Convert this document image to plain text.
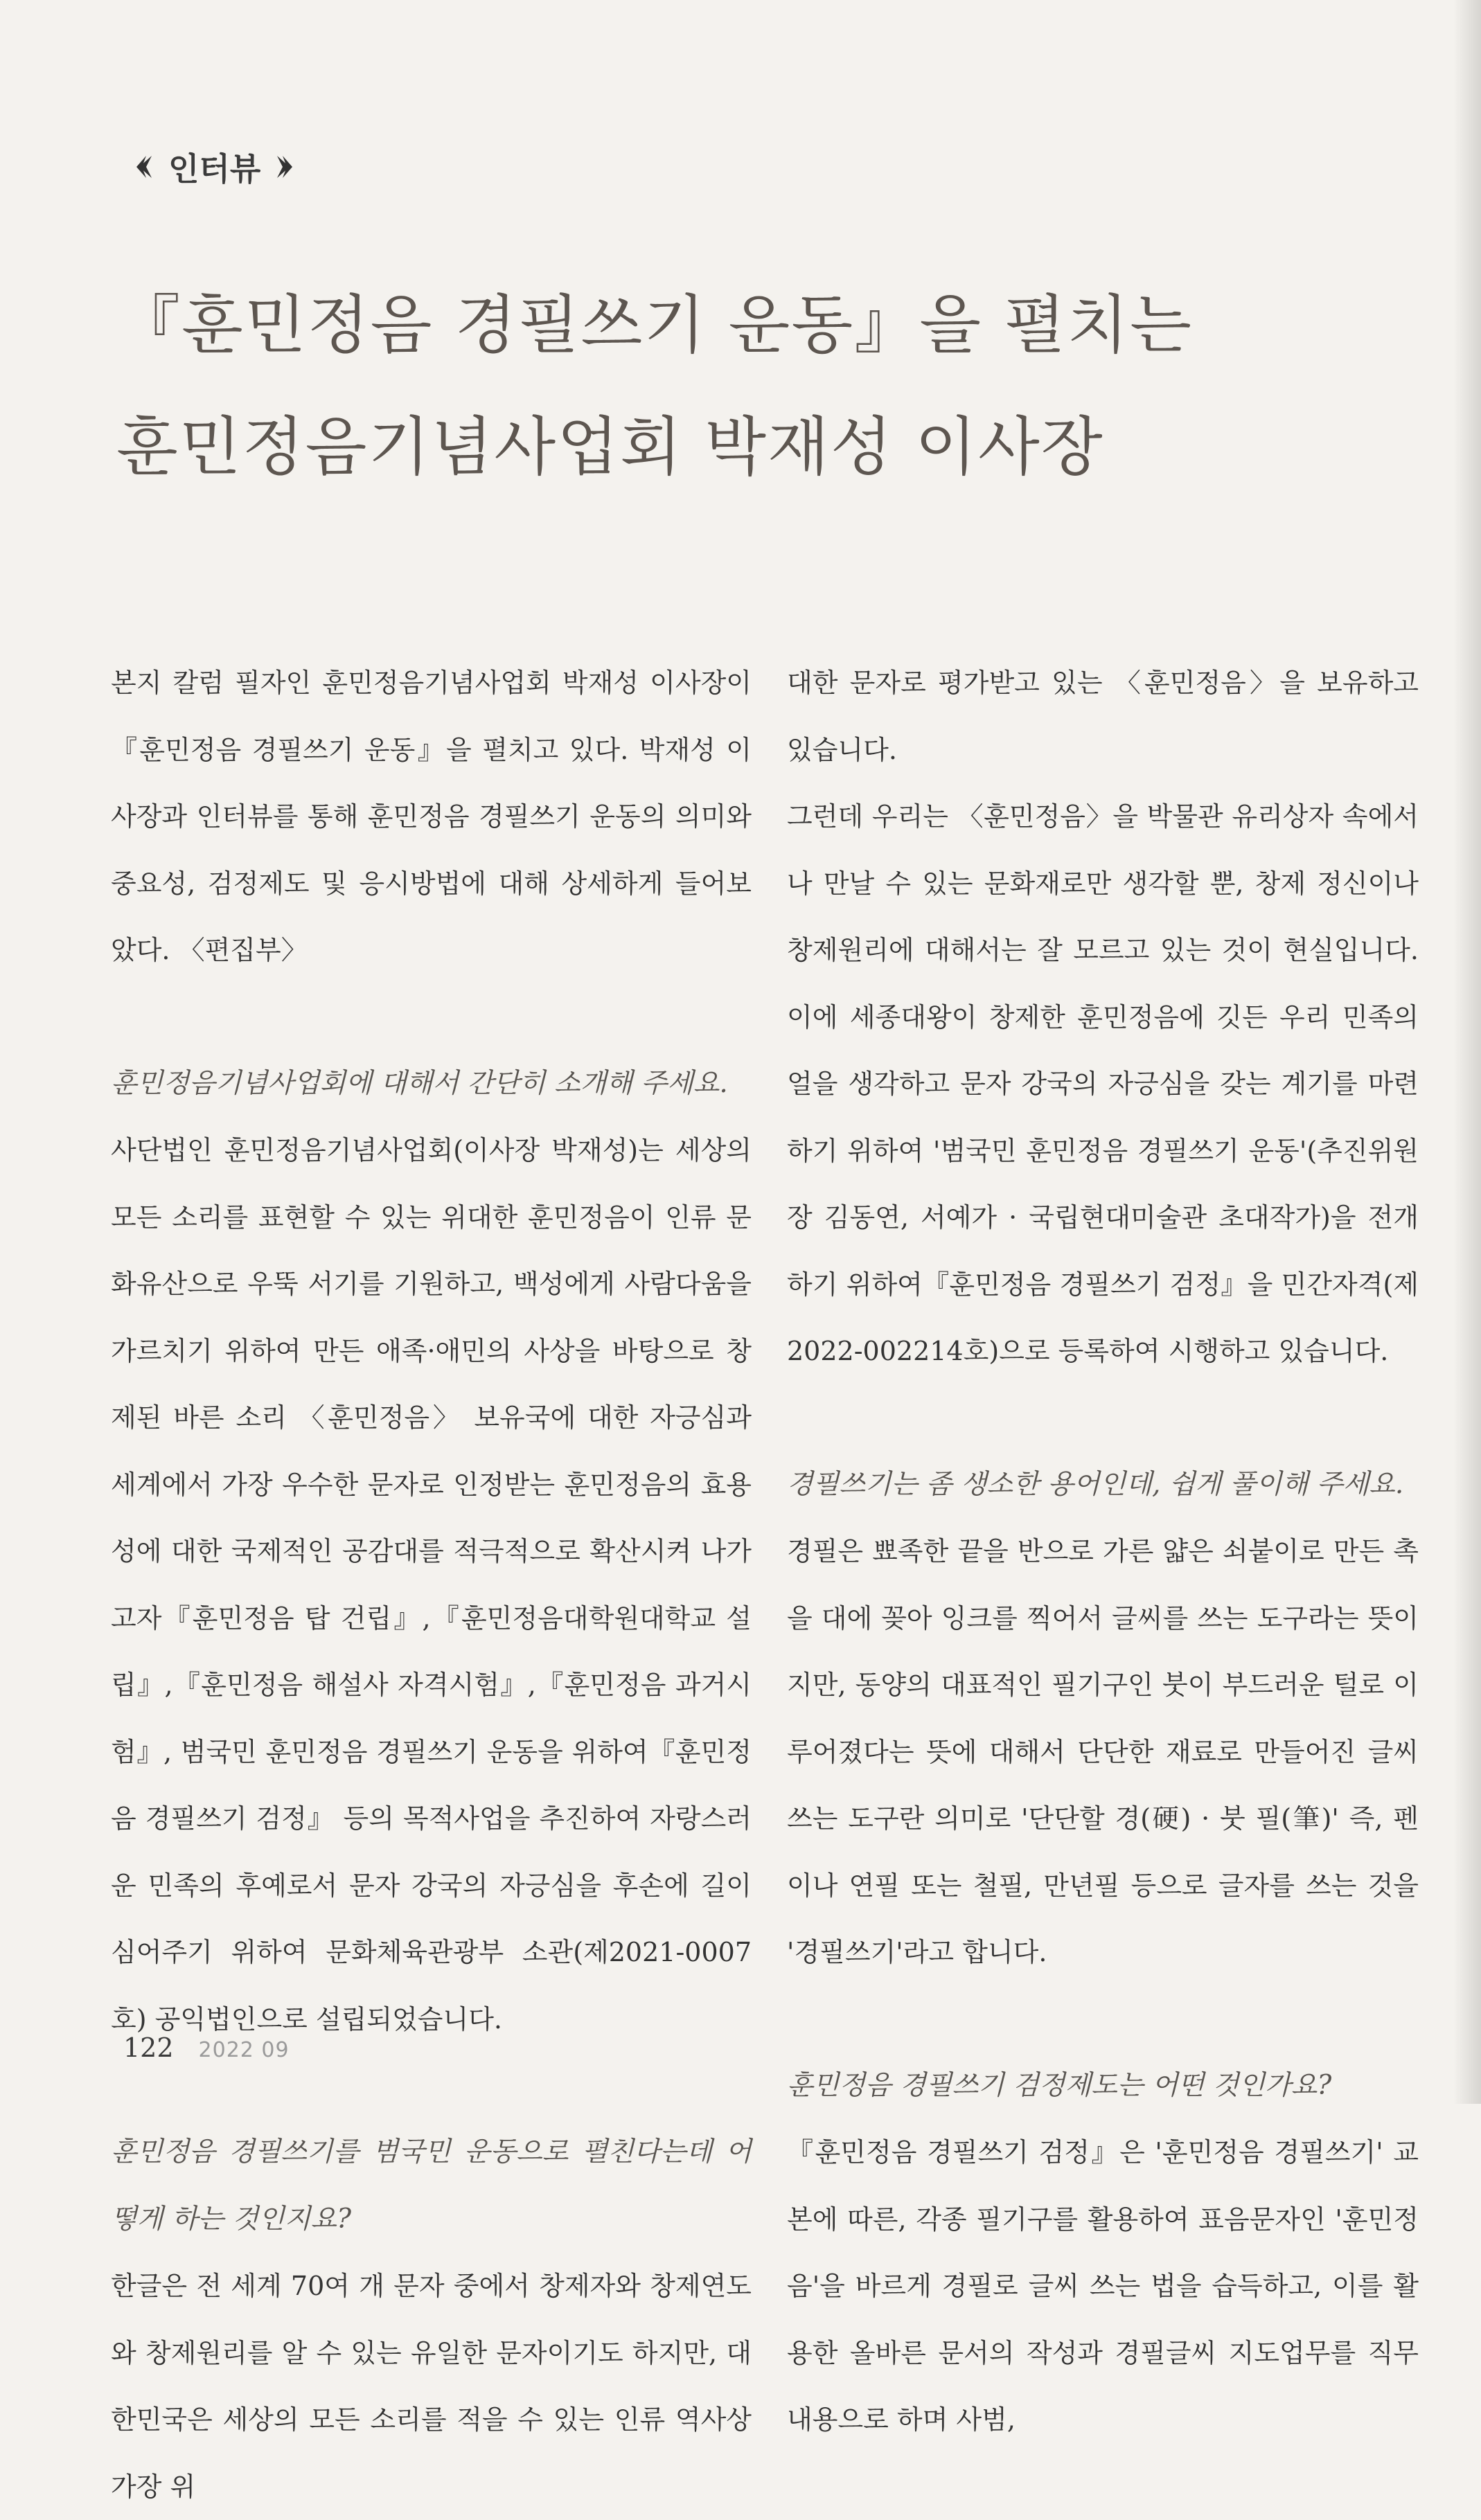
인터뷰
『훈민정음 경필쓰기 운동』을 펼치는
훈민정음기념사업회 박재성 이사장

본지 칼럼 필자인 훈민정음기념사업회 박재성 이사장이『훈민정음 경필쓰기 운동』을 펼치고 있다. 박재성 이사장과 인터뷰를 통해 훈민정음 경필쓰기 운동의 의미와 중요성, 검정제도 및 응시방법에 대해 상세하게 들어보았다. 〈편집부〉

훈민정음기념사업회에 대해서 간단히 소개해 주세요.

사단법인 훈민정음기념사업회(이사장 박재성)는 세상의 모든 소리를 표현할 수 있는 위대한 훈민정음이 인류 문화유산으로 우뚝 서기를 기원하고, 백성에게 사람다움을 가르치기 위하여 만든 애족·애민의 사상을 바탕으로 창제된 바른 소리 〈훈민정음〉 보유국에 대한 자긍심과 세계에서 가장 우수한 문자로 인정받는 훈민정음의 효용성에 대한 국제적인 공감대를 적극적으로 확산시켜 나가고자『훈민정음 탑 건립』,『훈민정음대학원대학교 설립』,『훈민정음 해설사 자격시험』,『훈민정음 과거시험』, 범국민 훈민정음 경필쓰기 운동을 위하여『훈민정음 경필쓰기 검정』 등의 목적사업을 추진하여 자랑스러운 민족의 후예로서 문자 강국의 자긍심을 후손에 길이 심어주기 위하여 문화체육관광부 소관(제2021-0007호) 공익법인으로 설립되었습니다.

훈민정음 경필쓰기를 범국민 운동으로 펼친다는데 어떻게 하는 것인지요?

한글은 전 세계 70여 개 문자 중에서 창제자와 창제연도와 창제원리를 알 수 있는 유일한 문자이기도 하지만, 대한민국은 세상의 모든 소리를 적을 수 있는 인류 역사상 가장 위

대한 문자로 평가받고 있는 〈훈민정음〉을 보유하고 있습니다.

그런데 우리는 〈훈민정음〉을 박물관 유리상자 속에서나 만날 수 있는 문화재로만 생각할 뿐, 창제 정신이나 창제원리에 대해서는 잘 모르고 있는 것이 현실입니다. 이에 세종대왕이 창제한 훈민정음에 깃든 우리 민족의 얼을 생각하고 문자 강국의 자긍심을 갖는 계기를 마련하기 위하여 '범국민 훈민정음 경필쓰기 운동'(추진위원장 김동연, 서예가 · 국립현대미술관 초대작가)을 전개하기 위하여『훈민정음 경필쓰기 검정』을 민간자격(제2022-002214호)으로 등록하여 시행하고 있습니다.

경필쓰기는 좀 생소한 용어인데, 쉽게 풀이해 주세요.

경필은 뾰족한 끝을 반으로 가른 얇은 쇠붙이로 만든 촉을 대에 꽂아 잉크를 찍어서 글씨를 쓰는 도구라는 뜻이지만, 동양의 대표적인 필기구인 붓이 부드러운 털로 이루어졌다는 뜻에 대해서 단단한 재료로 만들어진 글씨 쓰는 도구란 의미로 '단단할 경(硬) · 붓 필(筆)' 즉, 펜이나 연필 또는 철필, 만년필 등으로 글자를 쓰는 것을 '경필쓰기'라고 합니다.

훈민정음 경필쓰기 검정제도는 어떤 것인가요?

『훈민정음 경필쓰기 검정』은 '훈민정음 경필쓰기' 교본에 따른, 각종 필기구를 활용하여 표음문자인 '훈민정음'을 바르게 경필로 글씨 쓰는 법을 습득하고, 이를 활용한 올바른 문서의 작성과 경필글씨 지도업무를 직무내용으로 하며 사범,

122 2022 09
